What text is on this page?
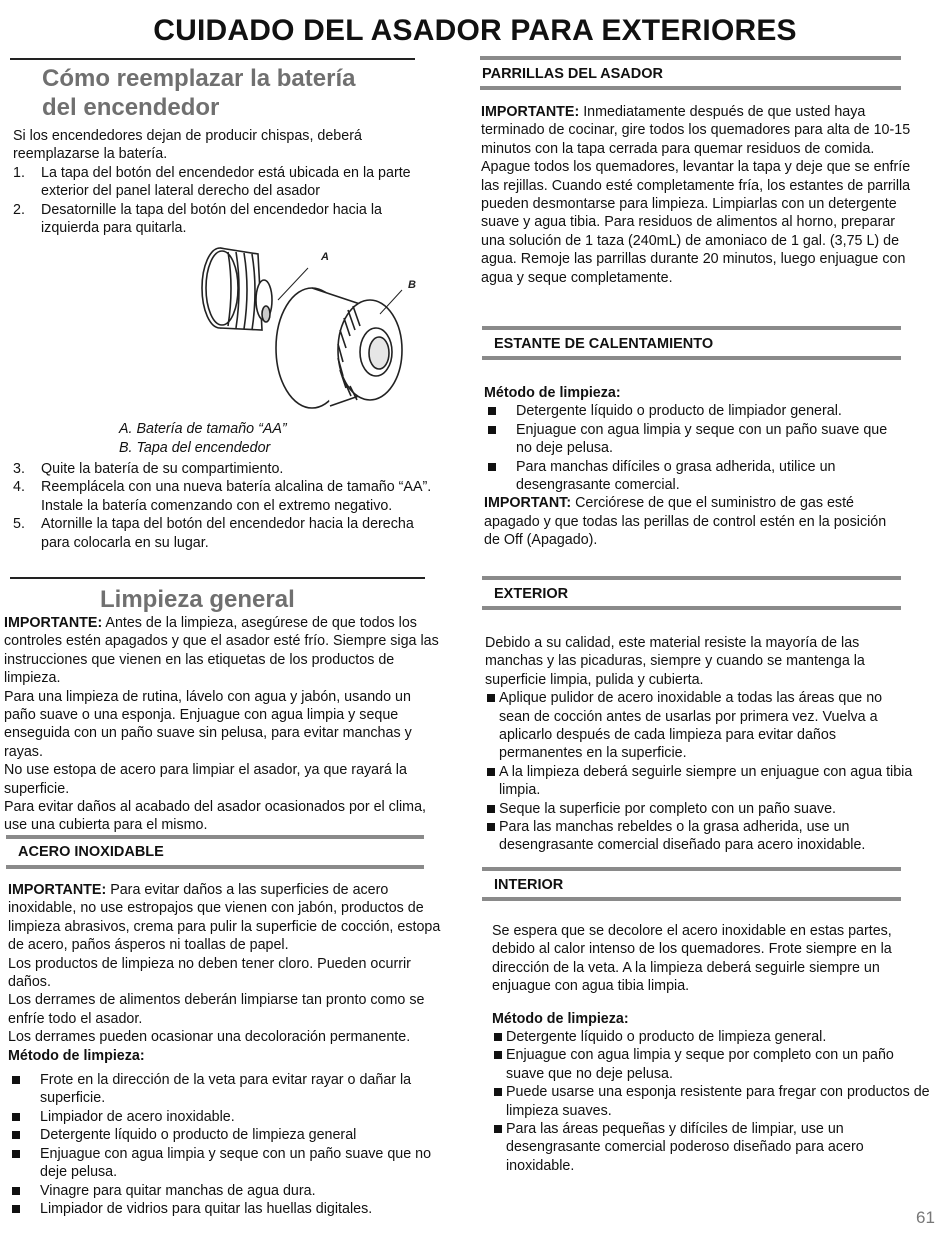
CUIDADO DEL ASADOR PARA EXTERIORES
Cómo reemplazar la batería
del encendedor

Si los encendedores dejan de producir chispas, deberá reemplazarse la batería.

1. La tapa del botón del encendedor está ubicada en la parte exterior del panel lateral derecho del asador
2. Desatornille la tapa del botón del encendedor hacia la izquierda para quitarla.
A
B
A. Batería de tamaño “AA”
B. Tapa del encendedor
3. Quite la batería de su compartimiento.
4. Reemplácela con una nueva batería alcalina de tamaño “AA”. Instale la batería comenzando con el extremo negativo.
5. Atornille la tapa del botón del encendedor hacia la derecha para colocarla en su lugar.
Limpieza general

IMPORTANTE: Antes de la limpieza, asegúrese de que todos los controles estén apagados y que el asador esté frío. Siempre siga las instrucciones que vienen en las etiquetas de los productos de limpieza.

Para una limpieza de rutina, lávelo con agua y jabón, usando un paño suave o una esponja. Enjuague con agua limpia y seque enseguida con un paño suave sin pelusa, para evitar manchas y rayas.

No use estopa de acero para limpiar el asador, ya que rayará la superficie.

Para evitar daños al acabado del asador ocasionados por el clima, use una cubierta para el mismo.

ACERO INOXIDABLE

IMPORTANTE: Para evitar daños a las superficies de acero inoxidable, no use estropajos que vienen con jabón, productos de limpieza abrasivos, crema para pulir la superficie de cocción, estopa de acero, paños ásperos ni toallas de papel.

Los productos de limpieza no deben tener cloro. Pueden ocurrir daños.

Los derrames de alimentos deberán limpiarse tan pronto como se enfríe todo el asador.

Los derrames pueden ocasionar una decoloración permanente.

Método de limpieza:

Frote en la dirección de la veta para evitar rayar o dañar la superficie.
Limpiador de acero inoxidable.
Detergente líquido o producto de limpieza general
Enjuague con agua limpia y seque con un paño suave que no deje pelusa.
Vinagre para quitar manchas de agua dura.
Limpiador de vidrios para quitar las huellas digitales.
PARRILLAS DEL ASADOR

IMPORTANTE: Inmediatamente después de que usted haya terminado de cocinar, gire todos los quemadores para alta de 10-15 minutos con la tapa cerrada para quemar residuos de comida. Apague todos los quemadores, levantar la tapa y deje que se enfríe las rejillas. Cuando esté completamente fría, los estantes de parrilla pueden desmontarse para limpieza. Limpiarlas con un detergente suave y agua tibia. Para residuos de alimentos al horno, preparar una solución de 1 taza (240mL) de amoniaco de 1 gal. (3,75 L) de agua. Remoje las parrillas durante 20 minutos, luego enjuague con agua y seque completamente.

ESTANTE DE CALENTAMIENTO

Método de limpieza:

Detergente líquido o producto de limpiador general.
Enjuague con agua limpia y seque con un paño suave que no deje pelusa.
Para manchas difíciles o grasa adherida, utilice un desengrasante comercial.

IMPORTANT: Cerciórese de que el suministro de gas esté apagado y que todas las perillas de control estén en la posición de Off (Apagado).

EXTERIOR

Debido a su calidad, este material resiste la mayoría de las manchas y las picaduras, siempre y cuando se mantenga la superficie limpia, pulida y cubierta.

Aplique pulidor de acero inoxidable a todas las áreas que no sean de cocción antes de usarlas por primera vez. Vuelva a aplicarlo después de cada limpieza para evitar daños permanentes en la superficie.
A la limpieza deberá seguirle siempre un enjuague con agua tibia limpia.
Seque la superficie por completo con un paño suave.
Para las manchas rebeldes o la grasa adherida, use un desengrasante comercial diseñado para acero inoxidable.
INTERIOR

Se espera que se decolore el acero inoxidable en estas partes, debido al calor intenso de los quemadores. Frote siempre en la dirección de la veta. A la limpieza deberá seguirle siempre un enjuague con agua tibia limpia.

Método de limpieza:

Detergente líquido o producto de limpieza general.
Enjuague con agua limpia y seque por completo con un paño suave que no deje pelusa.
Puede usarse una esponja resistente para fregar con productos de limpieza suaves.
Para las áreas pequeñas y difíciles de limpiar, use un desengrasante comercial poderoso diseñado para acero inoxidable.
61
